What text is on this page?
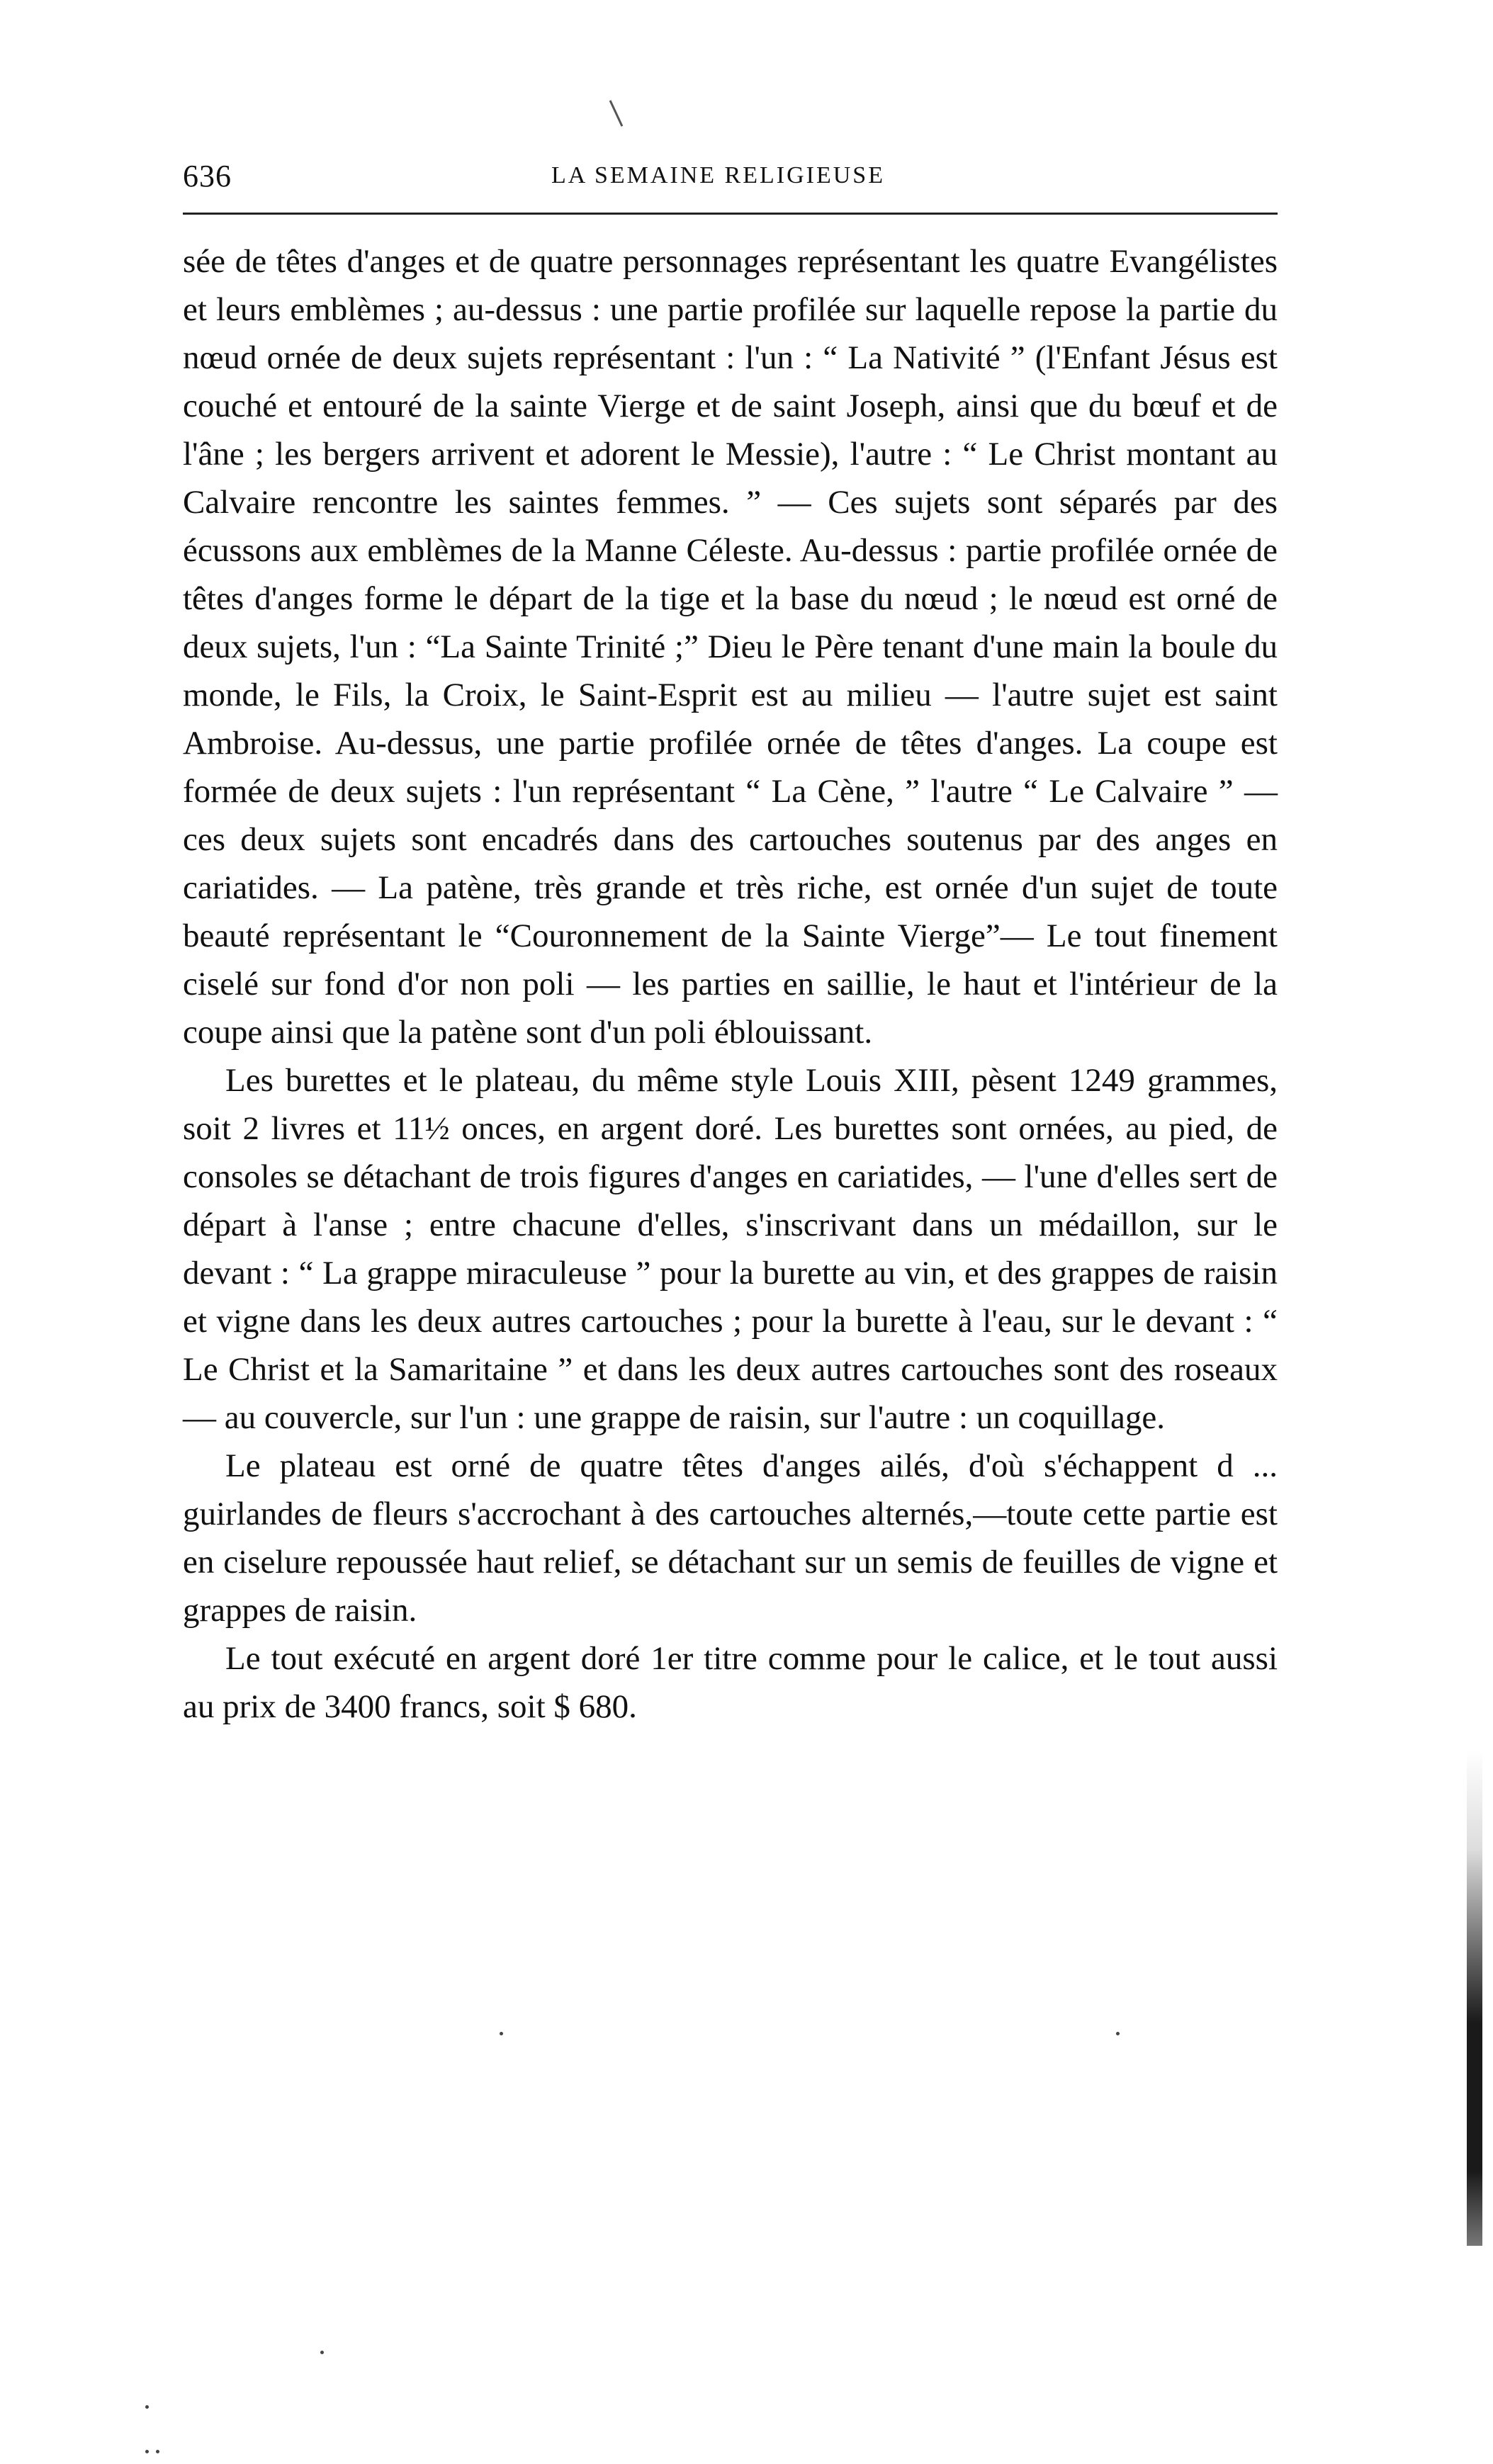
636	LA SEMAINE RELIGIEUSE

sée de têtes d'anges et de quatre personnages représentant les quatre Evangélistes et leurs emblèmes ; au-dessus : une partie profilée sur laquelle repose la partie du nœud ornée de deux sujets représentant : l'un : “ La Nativité ” (l'Enfant Jésus est couché et entouré de la sainte Vierge et de saint Joseph, ainsi que du bœuf et de l'âne ; les bergers arrivent et adorent le Messie), l'autre : “ Le Christ montant au Calvaire rencontre les saintes femmes. ” — Ces sujets sont séparés par des écussons aux emblèmes de la Manne Céleste. Au-dessus : partie profilée ornée de têtes d'anges forme le départ de la tige et la base du nœud ; le nœud est orné de deux sujets, l'un : “La Sainte Trinité ;” Dieu le Père tenant d'une main la boule du monde, le Fils, la Croix, le Saint-Esprit est au milieu — l'autre sujet est saint Ambroise. Au-dessus, une partie profilée ornée de têtes d'anges. La coupe est formée de deux sujets : l'un représentant “ La Cène, ” l'autre “ Le Calvaire ” — ces deux sujets sont encadrés dans des cartouches soutenus par des anges en cariatides. — La patène, très grande et très riche, est ornée d'un sujet de toute beauté représentant le “Couronnement de la Sainte Vierge”— Le tout finement ciselé sur fond d'or non poli — les parties en saillie, le haut et l'intérieur de la coupe ainsi que la patène sont d'un poli éblouissant.

Les burettes et le plateau, du même style Louis XIII, pèsent 1249 grammes, soit 2 livres et 11½ onces, en argent doré. Les burettes sont ornées, au pied, de consoles se détachant de trois figures d'anges en cariatides, — l'une d'elles sert de départ à l'anse ; entre chacune d'elles, s'inscrivant dans un médaillon, sur le devant : “ La grappe miraculeuse ” pour la burette au vin, et des grappes de raisin et vigne dans les deux autres cartouches ; pour la burette à l'eau, sur le devant : “ Le Christ et la Samaritaine ” et dans les deux autres cartouches sont des roseaux — au couvercle, sur l'un : une grappe de raisin, sur l'autre : un coquillage.

Le plateau est orné de quatre têtes d'anges ailés, d'où s'échappent d ... guirlandes de fleurs s'accrochant à des cartouches alternés,—toute cette partie est en ciselure repoussée haut relief, se détachant sur un semis de feuilles de vigne et grappes de raisin.

Le tout exécuté en argent doré 1er titre comme pour le calice, et le tout aussi au prix de 3400 francs, soit $ 680.
